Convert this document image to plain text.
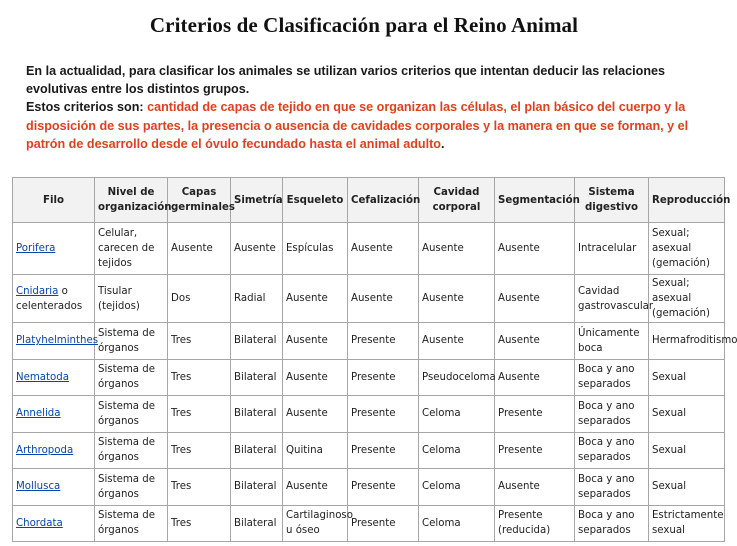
Criterios de Clasificación para el Reino Animal
En la actualidad, para clasificar los animales se utilizan varios criterios que intentan deducir las relaciones evolutivas entre los distintos grupos.
Estos criterios son: cantidad de capas de tejido en que se organizan las células, el plan básico del cuerpo y la disposición de sus partes, la presencia o ausencia de cavidades corporales y la manera en que se forman, y el patrón de desarrollo desde el óvulo fecundado hasta el animal adulto.
Filo	Nivel de organización	Capas germinales	Simetría	Esqueleto	Cefalización	Cavidad corporal	Segmentación	Sistema digestivo	Reproducción
Porifera	Celular, carecen de tejidos	Ausente	Ausente	Espículas	Ausente	Ausente	Ausente	Intracelular	Sexual; asexual (gemación)
Cnidaria o celenterados	Tisular (tejidos)	Dos	Radial	Ausente	Ausente	Ausente	Ausente	Cavidad gastrovascular	Sexual; asexual (gemación)
Platyhelminthes	Sistema de órganos	Tres	Bilateral	Ausente	Presente	Ausente	Ausente	Únicamente boca	Hermafroditismo
Nematoda	Sistema de órganos	Tres	Bilateral	Ausente	Presente	Pseudoceloma	Ausente	Boca y ano separados	Sexual
Annelida	Sistema de órganos	Tres	Bilateral	Ausente	Presente	Celoma	Presente	Boca y ano separados	Sexual
Arthropoda	Sistema de órganos	Tres	Bilateral	Quitina	Presente	Celoma	Presente	Boca y ano separados	Sexual
Mollusca	Sistema de órganos	Tres	Bilateral	Ausente	Presente	Celoma	Ausente	Boca y ano separados	Sexual
Chordata	Sistema de órganos	Tres	Bilateral	Cartilaginoso u óseo	Presente	Celoma	Presente (reducida)	Boca y ano separados	Estrictamente sexual
